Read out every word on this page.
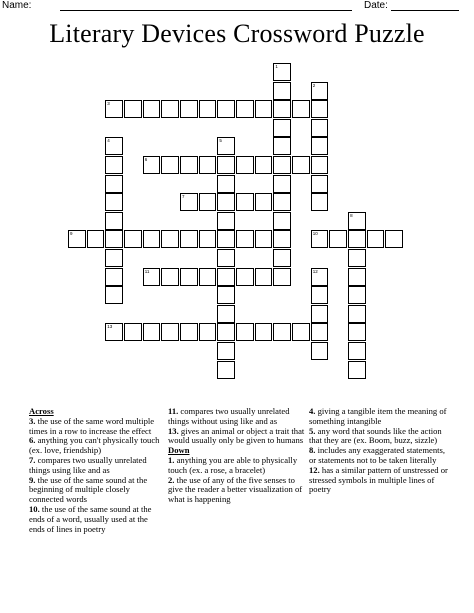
Name:	Date:
Literary Devices Crossword Puzzle
3
6
7
9	10
11
13
1
2
4	5
8
12
Across
3. the use of the same word multiple times in a row to increase the effect
6. anything you can't physically touch (ex. love, friendship)
7. compares two usually unrelated things using like and as
9. the use of the same sound at the beginning of multiple closely connected words
10. the use of the same sound at the ends of a word, usually used at the ends of lines in poetry
11. compares two usually unrelated things without using like and as
13. gives an animal or object a trait that would usually only be given to humans
Down
1. anything you are able to physically touch (ex. a rose, a bracelet)
2. the use of any of the five senses to give the reader a better visualization of what is happening
4. giving a tangible item the meaning of something intangible
5. any word that sounds like the action that they are (ex. Boom, buzz, sizzle)
8. includes any exaggerated statements, or statements not to be taken literally
12. has a similar pattern of unstressed or stressed symbols in multiple lines of poetry
